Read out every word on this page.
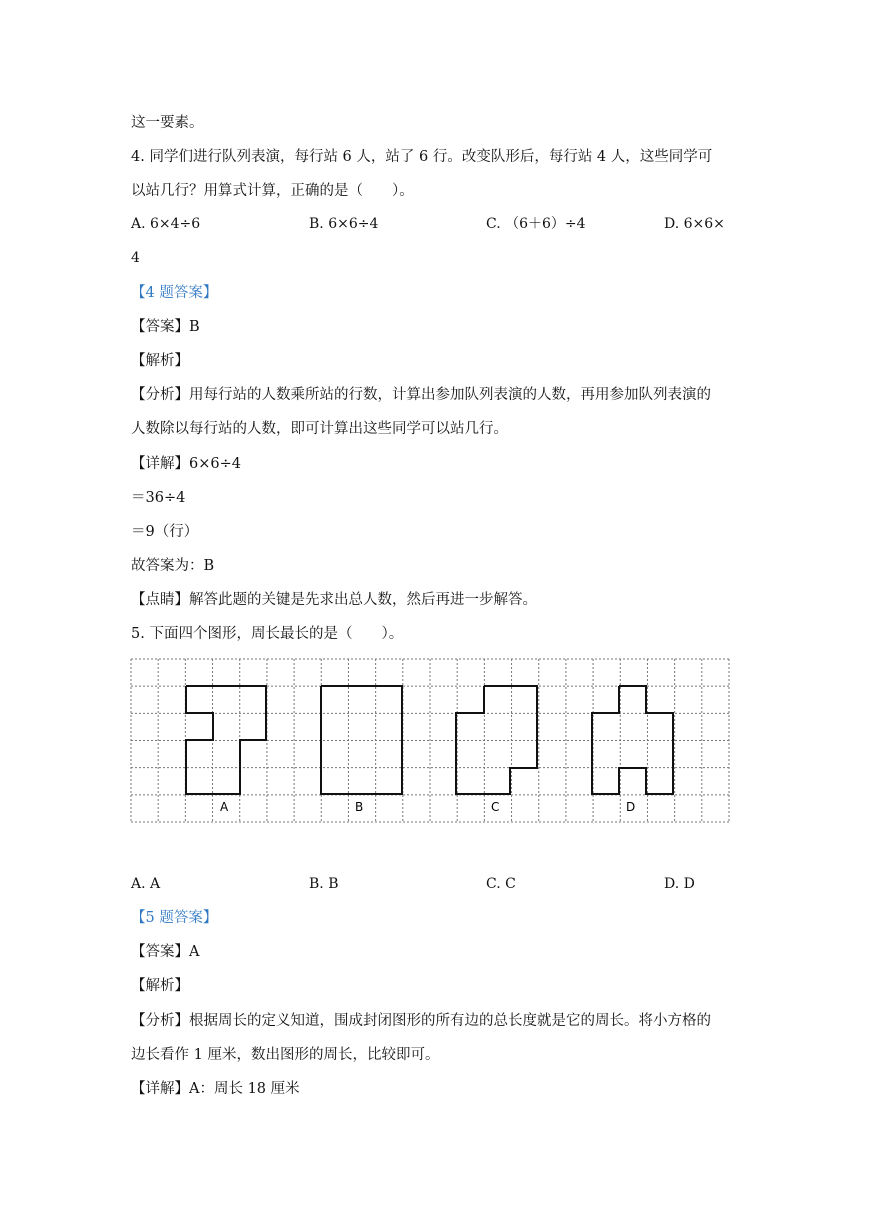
这一要素。
4. 同学们进行队列表演，每行站 6 人，站了 6 行。改变队形后，每行站 4 人，这些同学可
以站几行？用算式计算，正确的是（　　）。
A. 6×4÷6	B. 6×6÷4	C. （6＋6）÷4	D. 6×6×
4
【4 题答案】
【答案】B
【解析】
【分析】用每行站的人数乘所站的行数，计算出参加队列表演的人数，再用参加队列表演的
人数除以每行站的人数，即可计算出这些同学可以站几行。
【详解】6×6÷4
＝36÷4
＝9（行）
故答案为：B
【点睛】解答此题的关键是先求出总人数，然后再进一步解答。
5. 下面四个图形，周长最长的是（　　）。
A	B	C	D
A. A	B. B	C. C	D. D
【5 题答案】
【答案】A
【解析】
【分析】根据周长的定义知道，围成封闭图形的所有边的总长度就是它的周长。将小方格的
边长看作 1 厘米，数出图形的周长，比较即可。
【详解】A：周长 18 厘米
